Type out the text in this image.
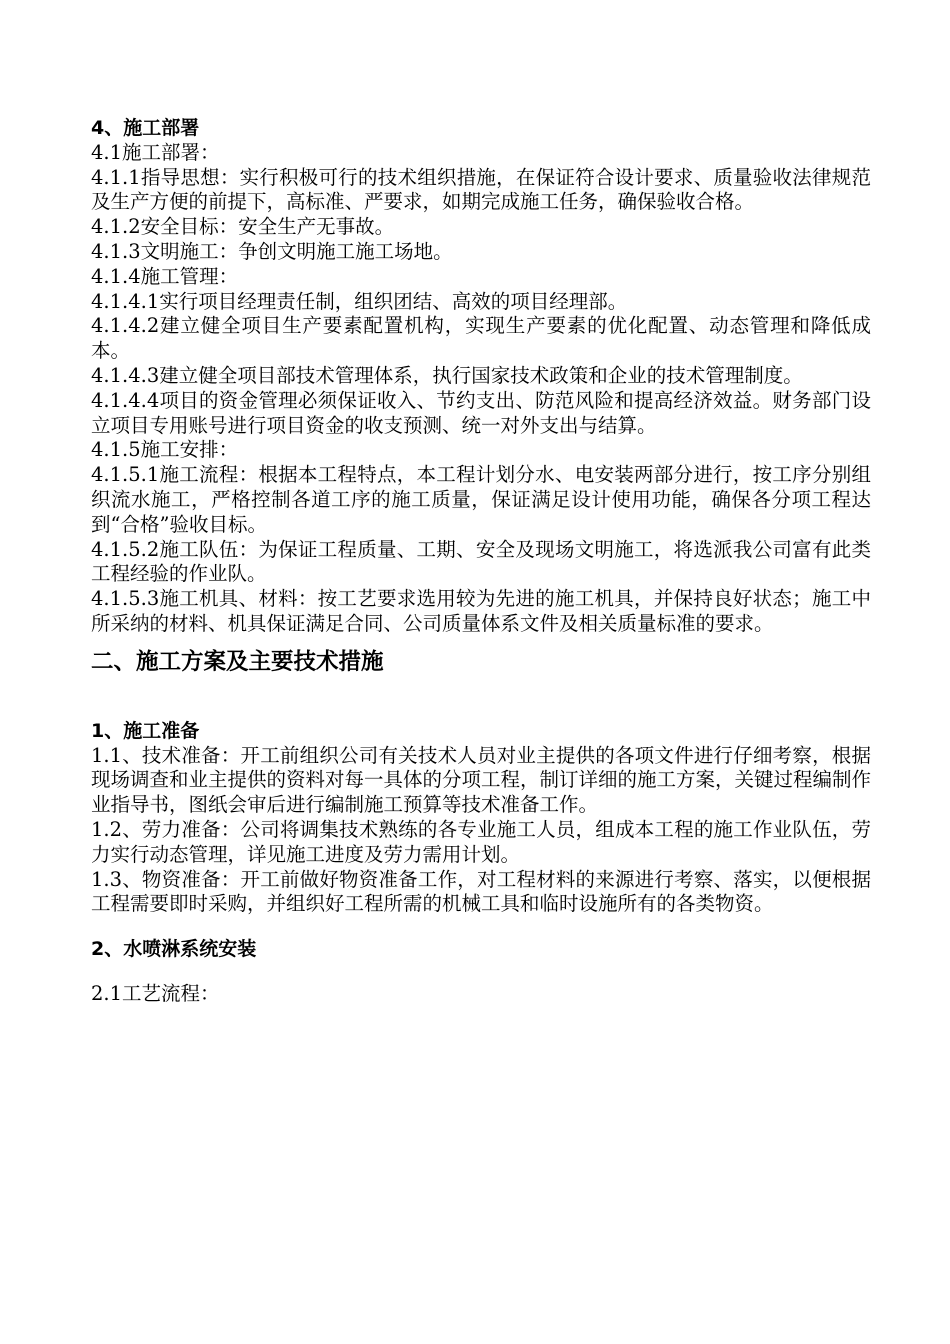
4、施工部署

4.1施工部署：

4.1.1指导思想：实行积极可行的技术组织措施，在保证符合设计要求、质量验收法律规范及生产方便的前提下，高标准、严要求，如期完成施工任务，确保验收合格。

4.1.2安全目标：安全生产无事故。

4.1.3文明施工：争创文明施工施工场地。

4.1.4施工管理：

4.1.4.1实行项目经理责任制，组织团结、高效的项目经理部。

4.1.4.2建立健全项目生产要素配置机构，实现生产要素的优化配置、动态管理和降低成本。

4.1.4.3建立健全项目部技术管理体系，执行国家技术政策和企业的技术管理制度。

4.1.4.4项目的资金管理必须保证收入、节约支出、防范风险和提高经济效益。财务部门设立项目专用账号进行项目资金的收支预测、统一对外支出与结算。

4.1.5施工安排：

4.1.5.1施工流程：根据本工程特点，本工程计划分水、电安装两部分进行，按工序分别组织流水施工，严格控制各道工序的施工质量，保证满足设计使用功能，确保各分项工程达到“合格”验收目标。

4.1.5.2施工队伍：为保证工程质量、工期、安全及现场文明施工，将选派我公司富有此类工程经验的作业队。

4.1.5.3施工机具、材料：按工艺要求选用较为先进的施工机具，并保持良好状态；施工中所采纳的材料、机具保证满足合同、公司质量体系文件及相关质量标准的要求。

二、施工方案及主要技术措施
1、施工准备

1.1、技术准备：开工前组织公司有关技术人员对业主提供的各项文件进行仔细考察，根据现场调查和业主提供的资料对每一具体的分项工程，制订详细的施工方案，关键过程编制作业指导书，图纸会审后进行编制施工预算等技术准备工作。

1.2、劳力准备：公司将调集技术熟练的各专业施工人员，组成本工程的施工作业队伍，劳力实行动态管理，详见施工进度及劳力需用计划。

1.3、物资准备：开工前做好物资准备工作，对工程材料的来源进行考察、落实，以便根据工程需要即时采购，并组织好工程所需的机械工具和临时设施所有的各类物资。

2、水喷淋系统安装

2.1工艺流程：
